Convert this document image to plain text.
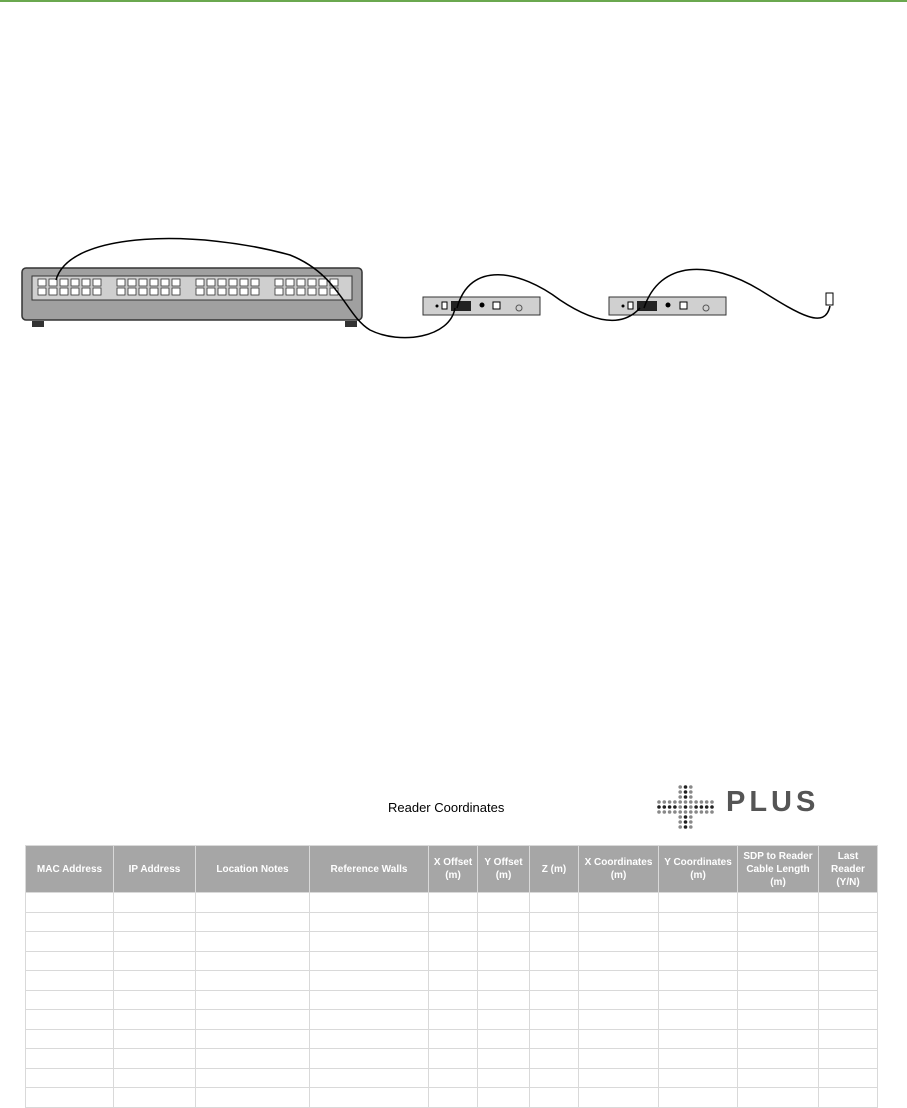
Reader Coordinates	PLUS
MAC Address	IP Address	Location Notes	Reference Walls	X Offset (m)	Y Offset (m)	Z (m)	X Coordinates (m)	Y Coordinates (m)	SDP to Reader Cable Length (m)	Last Reader (Y/N)
